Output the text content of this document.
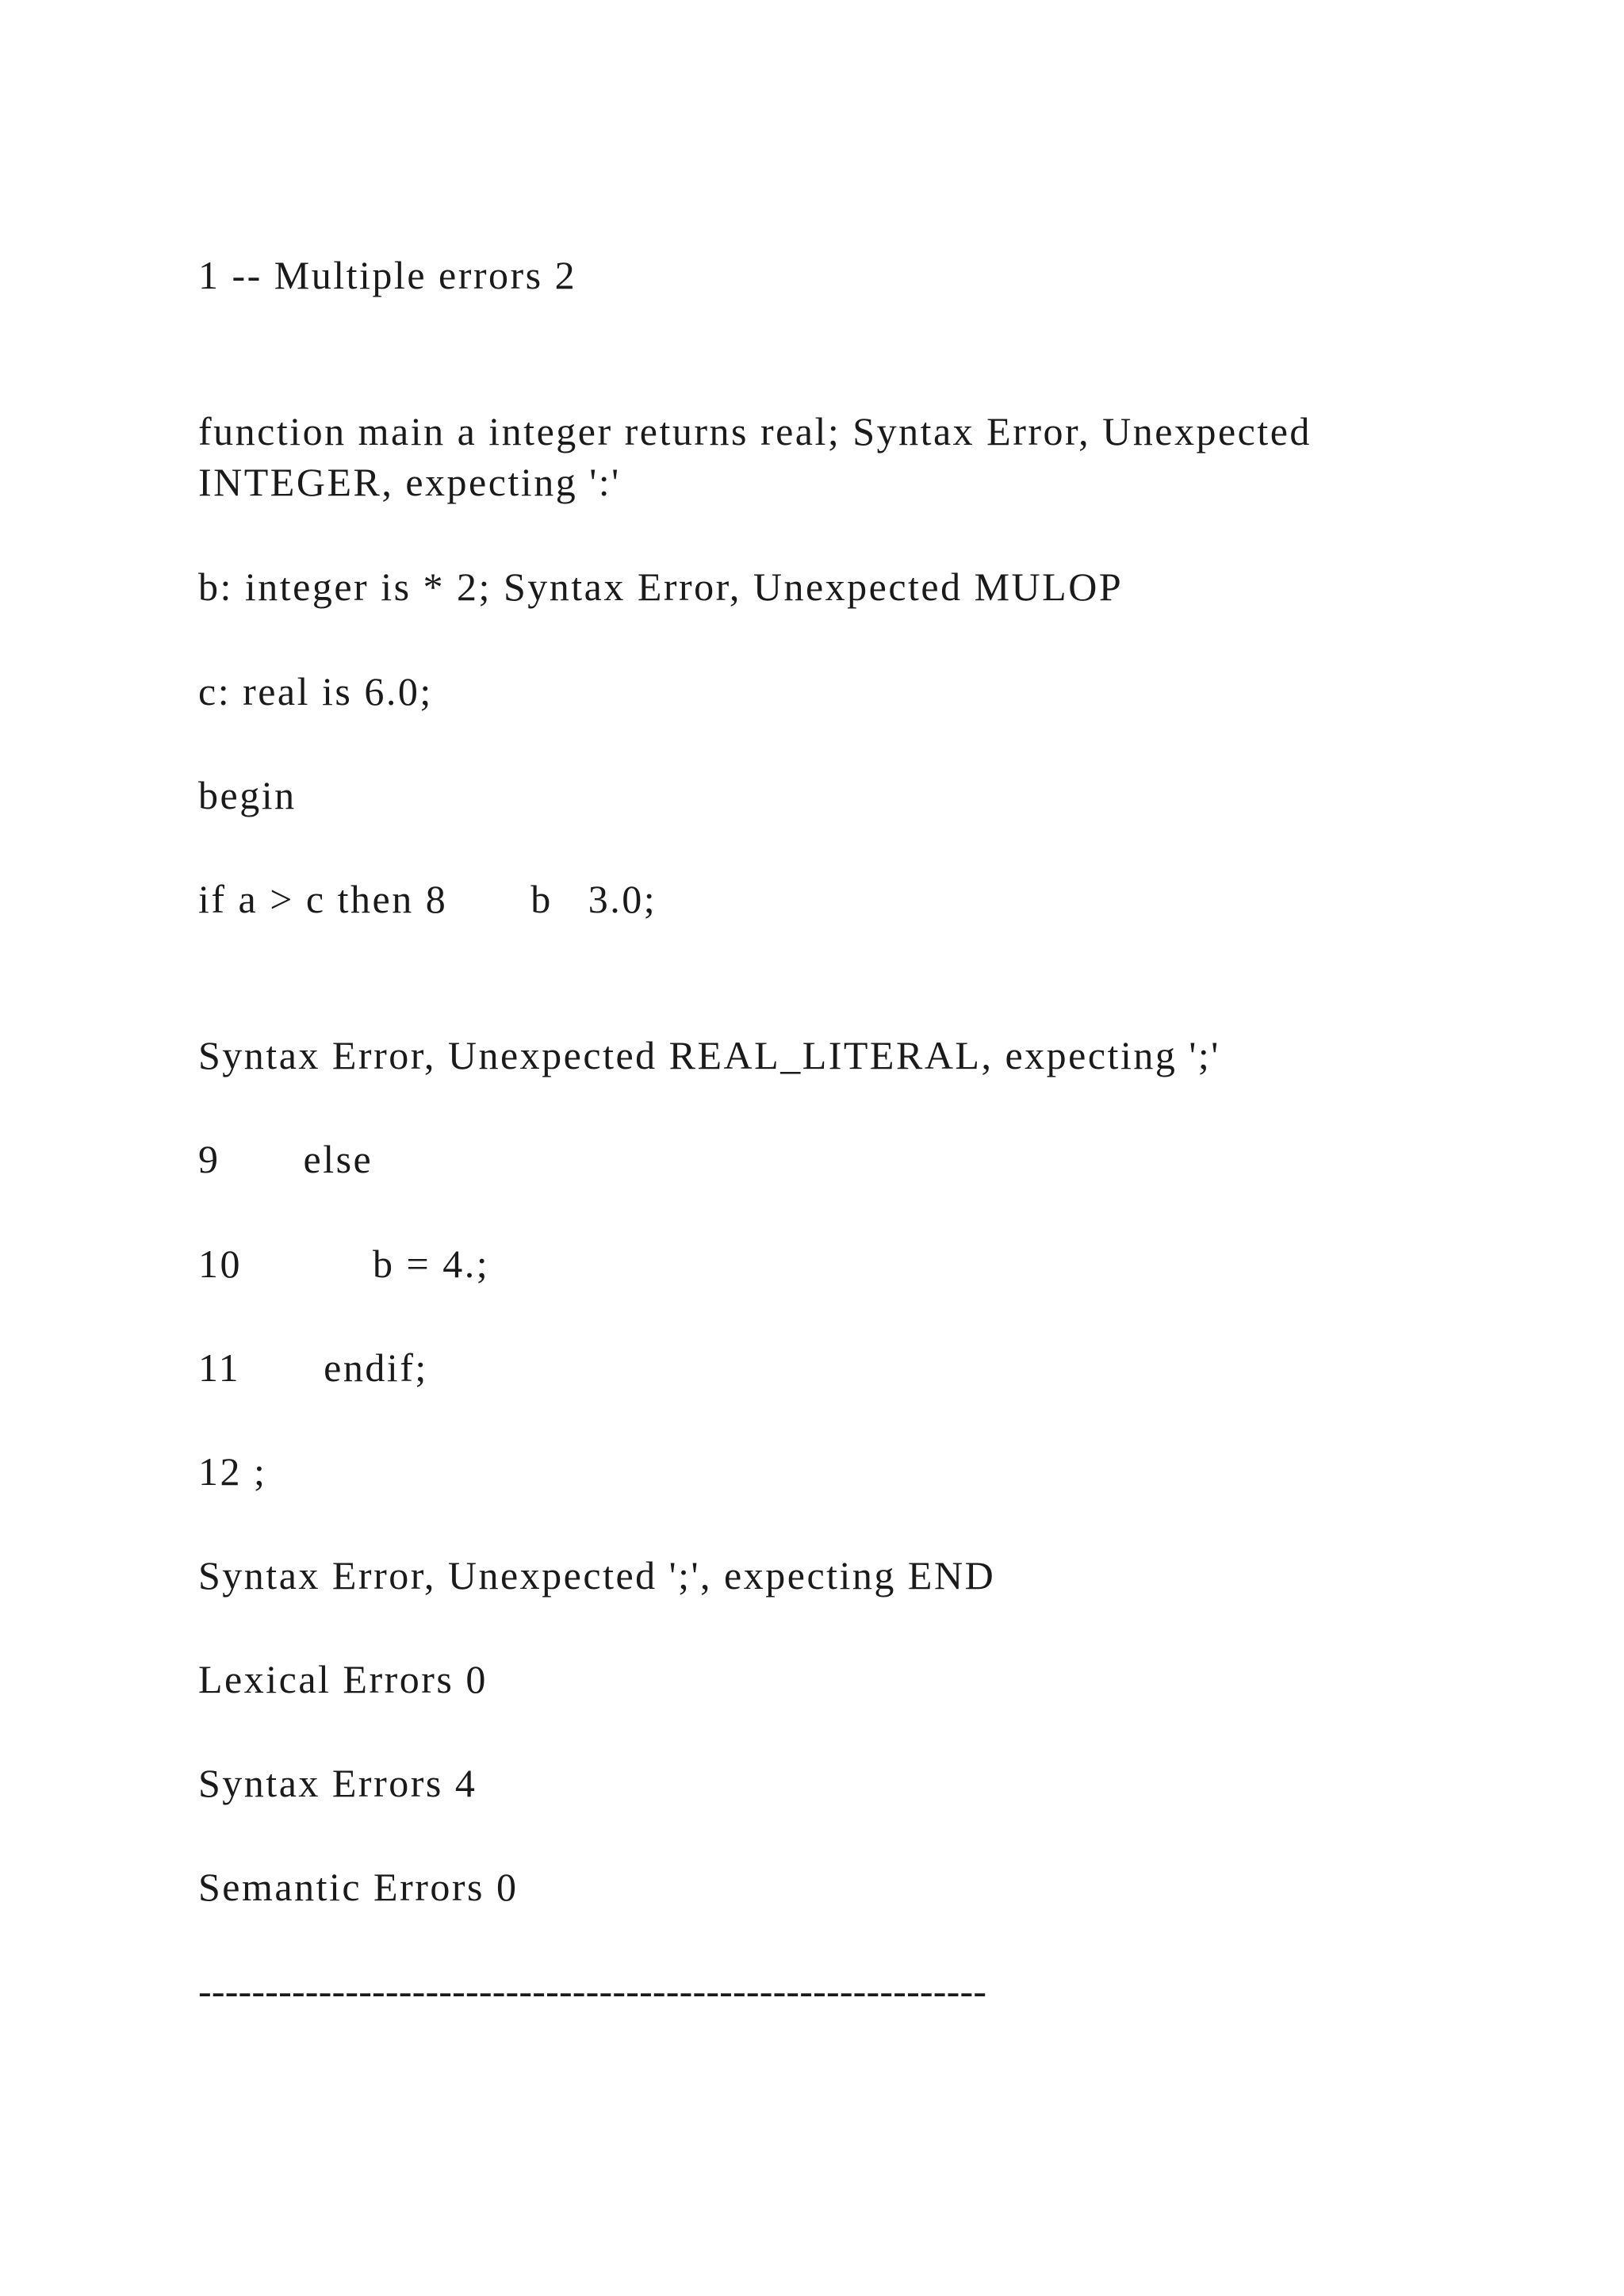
1 -- Multiple errors 2

function main a integer returns real; Syntax Error, Unexpected INTEGER, expecting ':'

b: integer is * 2; Syntax Error, Unexpected MULOP

c: real is 6.0;

begin

if a > c then 8       b   3.0;

Syntax Error, Unexpected REAL_LITERAL, expecting ';'

9       else

10           b = 4.;

11       endif;

12 ;

Syntax Error, Unexpected ';', expecting END

Lexical Errors 0

Syntax Errors 4

Semantic Errors 0

-----------------------------------------------------------
